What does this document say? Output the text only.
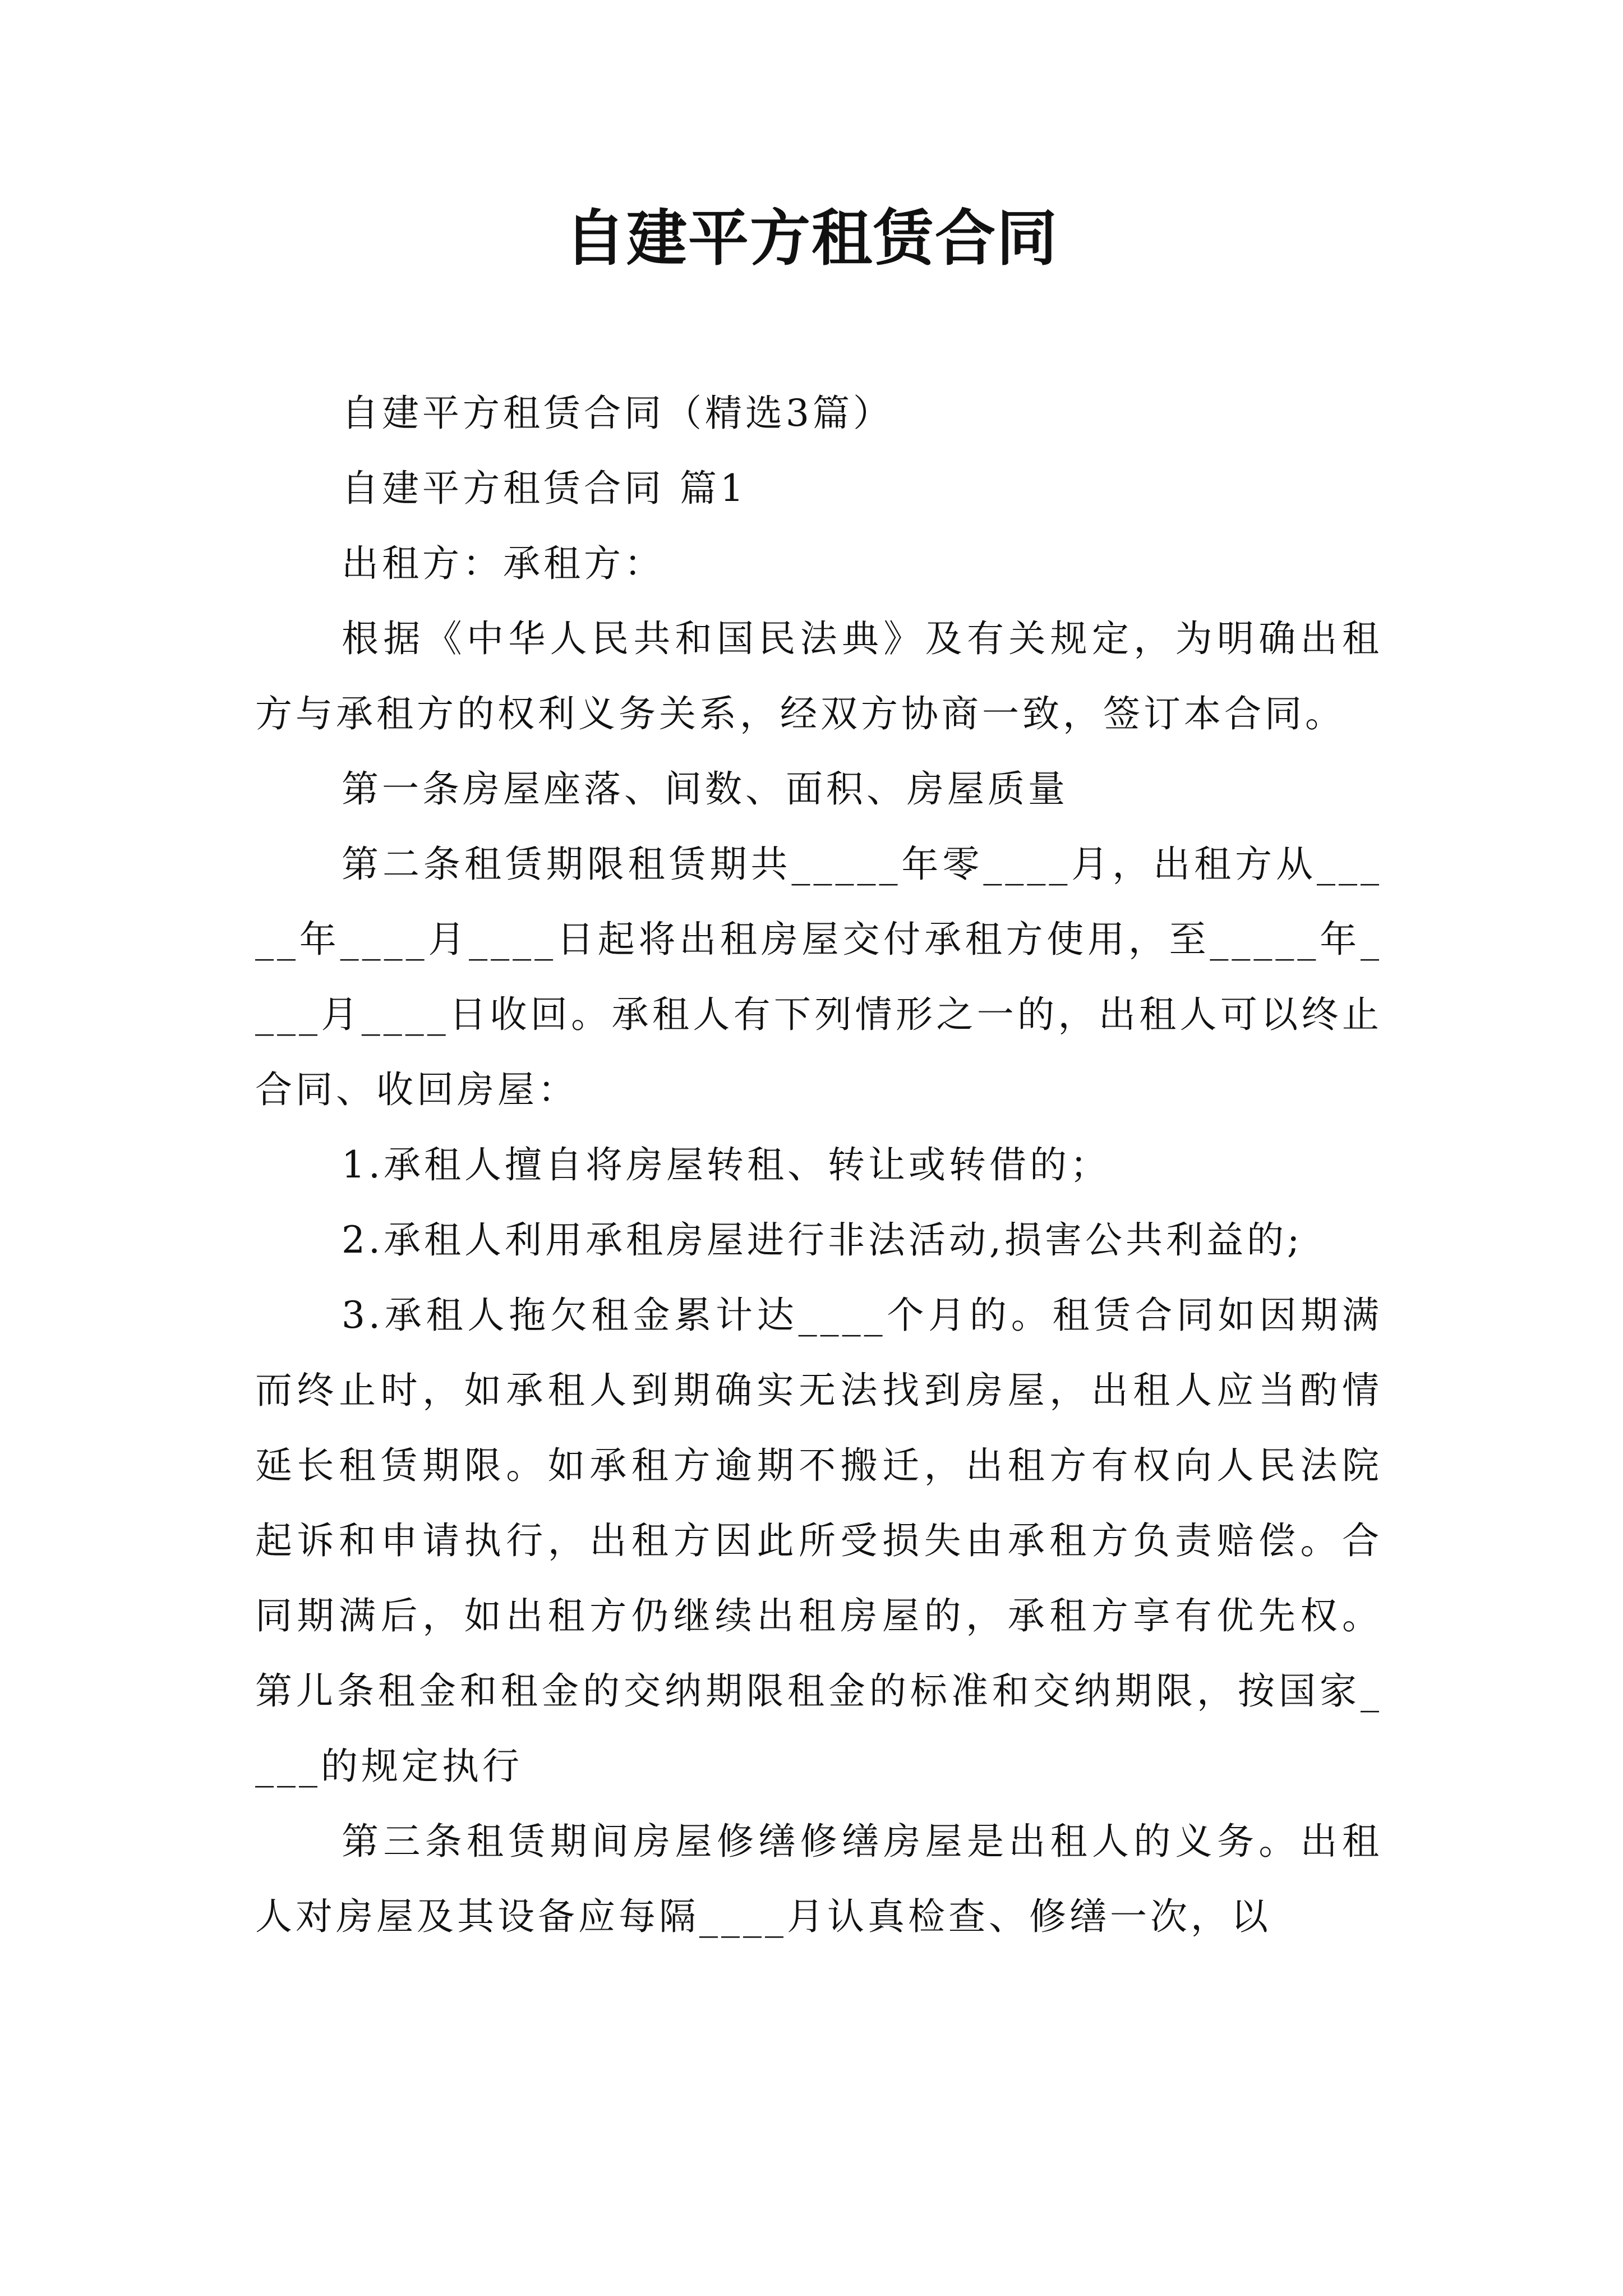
自建平方租赁合同

自建平方租赁合同（精选3篇）

自建平方租赁合同 篇1

出租方：承租方：

根据《中华人民共和国民法典》及有关规定，为明确出租方与承租方的权利义务关系，经双方协商一致，签订本合同。

第一条房屋座落、间数、面积、房屋质量

第二条租赁期限租赁期共_____年零____月，出租方从_____年____月____日起将出租房屋交付承租方使用，至_____年____月____日收回。承租人有下列情形之一的，出租人可以终止合同、收回房屋：

1.承租人擅自将房屋转租、转让或转借的；

2.承租人利用承租房屋进行非法活动,损害公共利益的;

3.承租人拖欠租金累计达____个月的。租赁合同如因期满而终止时，如承租人到期确实无法找到房屋，出租人应当酌情延长租赁期限。如承租方逾期不搬迁，出租方有权向人民法院起诉和申请执行，出租方因此所受损失由承租方负责赔偿。合同期满后，如出租方仍继续出租房屋的，承租方享有优先权。第儿条租金和租金的交纳期限租金的标准和交纳期限，按国家____的规定执行

第三条租赁期间房屋修缮修缮房屋是出租人的义务。出租人对房屋及其设备应每隔____月认真检查、修缮一次，以
